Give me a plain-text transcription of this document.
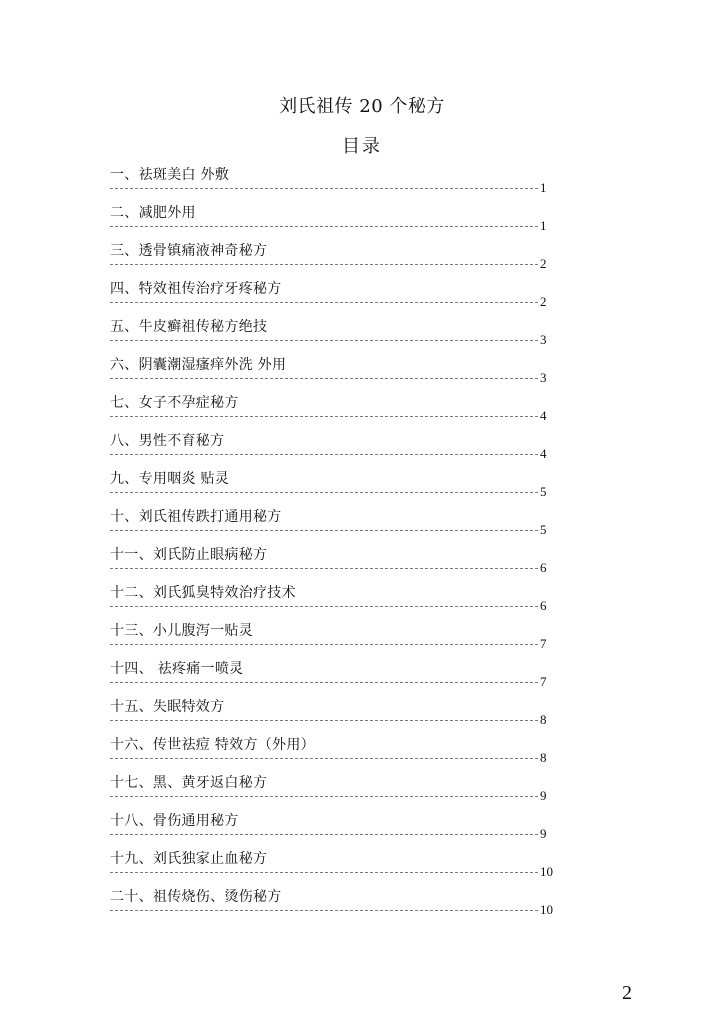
刘氏祖传 20 个秘方
目录
一、祛斑美白 外敷
1
二、减肥外用
1
三、透骨镇痛液神奇秘方
2
四、特效祖传治疗牙疼秘方
2
五、牛皮癣祖传秘方绝技
3
六、阴囊潮湿瘙痒外洗 外用
3
七、女子不孕症秘方
4
八、男性不育秘方
4
九、专用咽炎 贴灵
5
十、刘氏祖传跌打通用秘方
5
十一、刘氏防止眼病秘方
6
十二、刘氏狐臭特效治疗技术
6
十三、小儿腹泻一贴灵
7
十四、 祛疼痛一喷灵
7
十五、失眠特效方
8
十六、传世祛痘 特效方（外用）
8
十七、黑、黄牙返白秘方
9
十八、骨伤通用秘方
9
十九、刘氏独家止血秘方
10
二十、祖传烧伤、烫伤秘方
10
2
